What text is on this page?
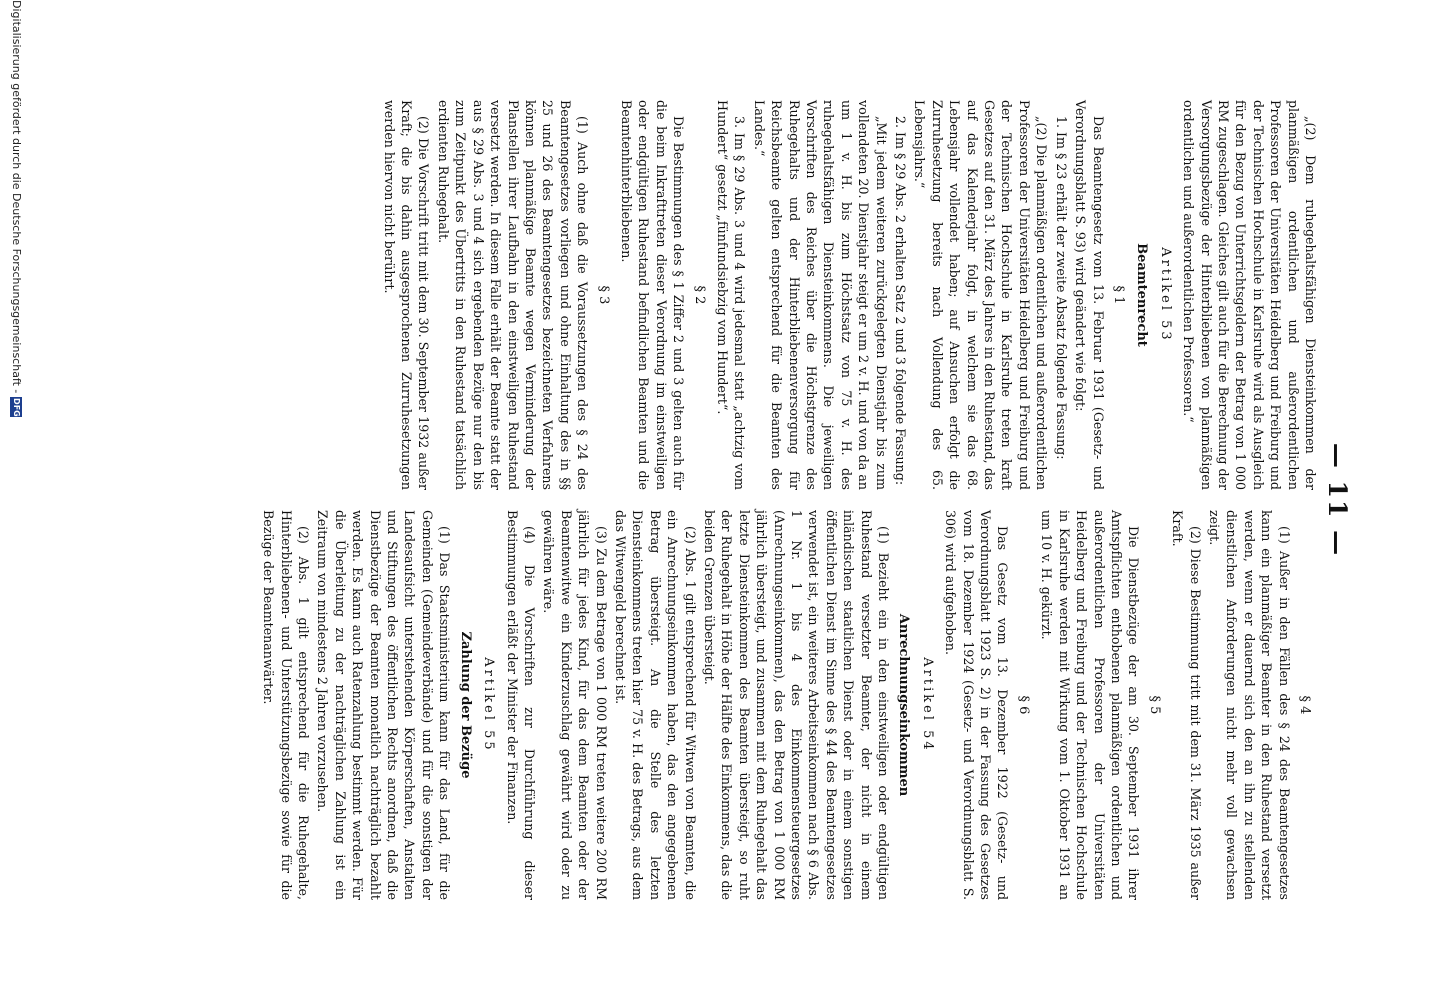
— 11 —

„(2) Dem ruhegehaltsfähigen Diensteinkommen der planmäßigen ordentlichen und außerordentlichen Professoren der Universitäten Heidelberg und Freiburg und der Technischen Hochschule in Karlsruhe wird als Ausgleich für den Bezug von Unterrichtsgeldern der Betrag von 1 000 RM zugeschlagen. Gleiches gilt auch für die Berechnung der Versorgungsbezüge der Hinterbliebenen von planmäßigen ordentlichen und außerordentlichen Professoren.“

Artikel 53
Beamtenrecht
§ 1

Das Beamtengesetz vom 13. Februar 1931 (Gesetz- und Verordnungsblatt S. 93) wird geändert wie folgt:

1. Im § 23 erhält der zweite Absatz folgende Fassung:

„(2) Die planmäßigen ordentlichen und außerordentlichen Professoren der Universitäten Heidelberg und Freiburg und der Technischen Hochschule in Karlsruhe treten kraft Gesetzes auf den 31. März des Jahres in den Ruhestand, das auf das Kalenderjahr folgt, in welchem sie das 68. Lebensjahr vollendet haben; auf Ansuchen erfolgt die Zurruhesetzung bereits nach Vollendung des 65. Lebensjahrs.“

2. Im § 29 Abs. 2 erhalten Satz 2 und 3 folgende Fassung:

„Mit jedem weiteren zurückgelegten Dienstjahr bis zum vollendeten 20. Dienstjahr steigt er um 2 v. H. und von da an um 1 v. H. bis zum Höchstsatz von 75 v. H. des ruhegehaltsfähigen Diensteinkommens. Die jeweiligen Vorschriften des Reiches über die Höchstgrenze des Ruhegehalts und der Hinterbliebenenversorgung für Reichsbeamte gelten entsprechend für die Beamten des Landes.“

3. Im § 29 Abs. 3 und 4 wird jedesmal statt „achtzig vom Hundert“ gesetzt „fünfundsiebzig vom Hundert“.

§ 2

Die Bestimmungen des § 1 Ziffer 2 und 3 gelten auch für die beim Inkrafttreten dieser Verordnung im einstweiligen oder endgültigen Ruhestand befindlichen Beamten und die Beamtenhinterbliebenen.

§ 3

(1) Auch ohne daß die Voraussetzungen des § 24 des Beamtengesetzes vorliegen und ohne Einhaltung des in §§ 25 und 26 des Beamtengesetzes bezeichneten Verfahrens können planmäßige Beamte wegen Verminderung der Planstellen ihrer Laufbahn in den einstweiligen Ruhestand versetzt werden. In diesem Falle erhält der Beamte statt der aus § 29 Abs. 3 und 4 sich ergebenden Bezüge nur den bis zum Zeitpunkt des Übertritts in den Ruhestand tatsächlich erdienten Ruhegehalt.

(2) Die Vorschrift tritt mit dem 30. September 1932 außer Kraft; die bis dahin ausgesprochenen Zurruhesetzungen werden hiervon nicht berührt.

§ 4

(1) Außer in den Fällen des § 24 des Beamtengesetzes kann ein planmäßiger Beamter in den Ruhestand versetzt werden, wenn er dauernd sich den an ihn zu stellenden dienstlichen Anforderungen nicht mehr voll gewachsen zeigt.

(2) Diese Bestimmung tritt mit dem 31. März 1935 außer Kraft.

§ 5

Die Dienstbezüge der am 30. September 1931 ihrer Amtspflichten enthobenen planmäßigen ordentlichen und außerordentlichen Professoren der Universitäten Heidelberg und Freiburg und der Technischen Hochschule in Karlsruhe werden mit Wirkung vom 1. Oktober 1931 an um 10 v. H. gekürzt.

§ 6

Das Gesetz vom 13. Dezember 1922 (Gesetz- und Verordnungsblatt 1923 S. 2) in der Fassung des Gesetzes vom 18. Dezember 1924 (Gesetz- und Verordnungsblatt S. 306) wird aufgehoben.

Artikel 54
Anrechnungseinkommen

(1) Bezieht ein in den einstweiligen oder endgültigen Ruhestand versetzter Beamter, der nicht in einem inländischen staatlichen Dienst oder in einem sonstigen öffentlichen Dienst im Sinne des § 44 des Beamtengesetzes verwendet ist, ein weiteres Arbeitseinkommen nach § 6 Abs. 1 Nr. 1 bis 4 des Einkommensteuergesetzes (Anrechnungseinkommen), das den Betrag von 1 000 RM jährlich übersteigt, und zusammen mit dem Ruhegehalt das letzte Diensteinkommen des Beamten übersteigt, so ruht der Ruhegehalt in Höhe der Hälfte des Einkommens, das die beiden Grenzen übersteigt.

(2) Abs. 1 gilt entsprechend für Witwen von Beamten, die ein Anrechnungseinkommen haben, das den angegebenen Betrag übersteigt. An die Stelle des letzten Diensteinkommens treten hier 75 v. H. des Betrags, aus dem das Witwengeld berechnet ist.

(3) Zu dem Betrage von 1 000 RM treten weitere 200 RM jährlich für jedes Kind, für das dem Beamten oder der Beamtenwitwe ein Kinderzuschlag gewährt wird oder zu gewähren wäre.

(4) Die Vorschriften zur Durchführung dieser Bestimmungen erläßt der Minister der Finanzen.

Artikel 55
Zahlung der Bezüge

(1) Das Staatsministerium kann für das Land, für die Gemeinden (Gemeindeverbände) und für die sonstigen der Landesaufsicht unterstehenden Körperschaften, Anstalten und Stiftungen des öffentlichen Rechts anordnen, daß die Dienstbezüge der Beamten monatlich nachträglich bezahlt werden. Es kann auch Ratenzahlung bestimmt werden. Für die Überleitung zu der nachträglichen Zahlung ist ein Zeitraum von mindestens 2 Jahren vorzusehen.

(2) Abs. 1 gilt entsprechend für die Ruhegehalte, Hinterbliebenen- und Unterstützungsbezüge sowie für die Bezüge der Beamtenanwärter.

Digitalisierung gefördert durch die Deutsche Forschungsgemeinschaft -
DFG
